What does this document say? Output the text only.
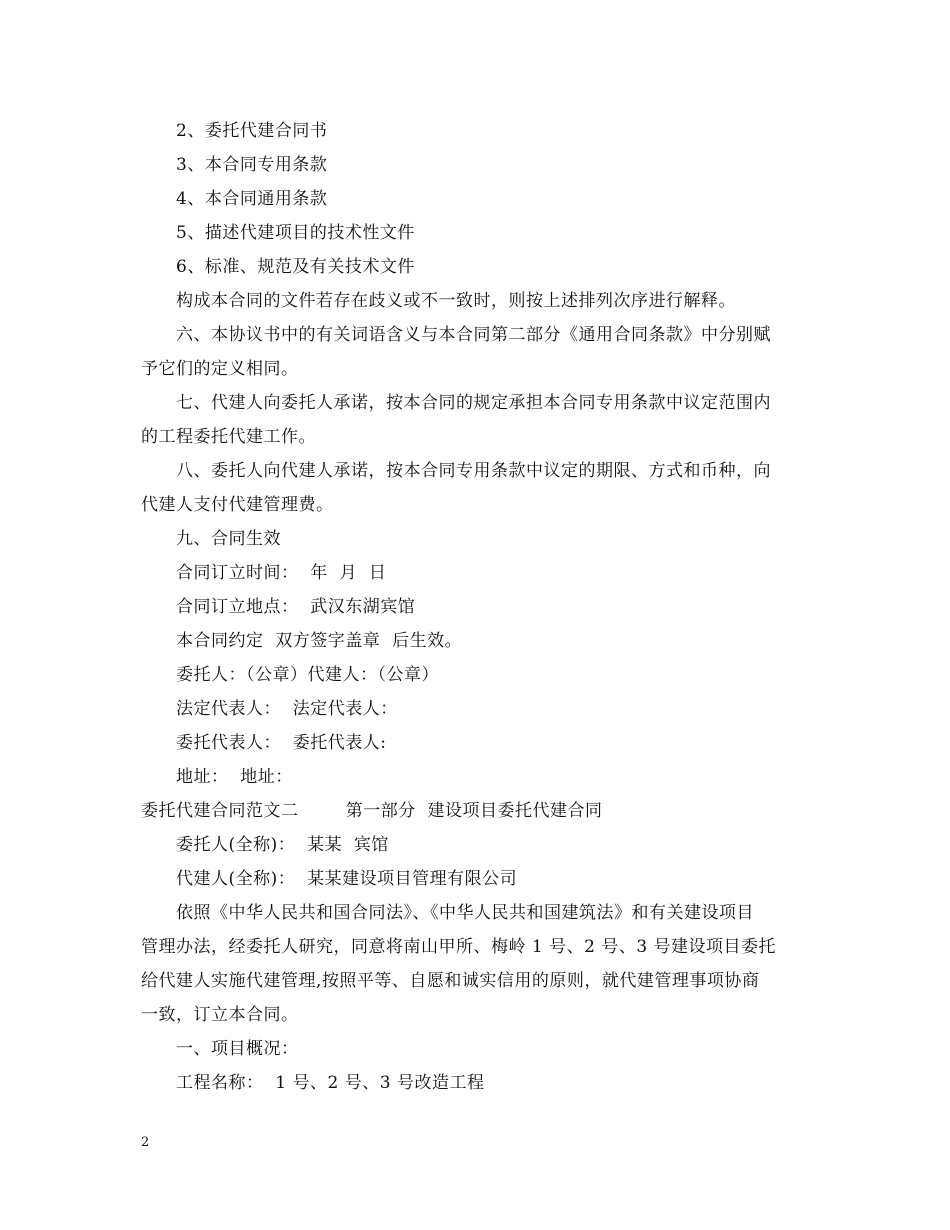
2、委托代建合同书
3、本合同专用条款
4、本合同通用条款
5、描述代建项目的技术性文件
6、标准、规范及有关技术文件
构成本合同的文件若存在歧义或不一致时，则按上述排列次序进行解释。
六、本协议书中的有关词语含义与本合同第二部分《通用合同条款》中分别赋
予它们的定义相同。
七、代建人向委托人承诺，按本合同的规定承担本合同专用条款中议定范围内
的工程委托代建工作。
八、委托人向代建人承诺，按本合同专用条款中议定的期限、方式和币种，向
代建人支付代建管理费。
九、合同生效
合同订立时间：  年  月  日
合同订立地点：  武汉东湖宾馆
本合同约定  双方签字盖章  后生效。
委托人：（公章）代建人：（公章）
法定代表人：  法定代表人：
委托代表人：  委托代表人:
地址：  地址：
委托代建合同范文二        第一部分  建设项目委托代建合同
委托人(全称)：  某某  宾馆
代建人(全称)：  某某建设项目管理有限公司
依照《中华人民共和国合同法》、《中华人民共和国建筑法》和有关建设项目
管理办法，经委托人研究，同意将南山甲所、梅岭 1 号、2 号、3 号建设项目委托
给代建人实施代建管理,按照平等、自愿和诚实信用的原则，就代建管理事项协商
一致，订立本合同。
一、项目概况：
工程名称：  1 号、2 号、3 号改造工程
2
